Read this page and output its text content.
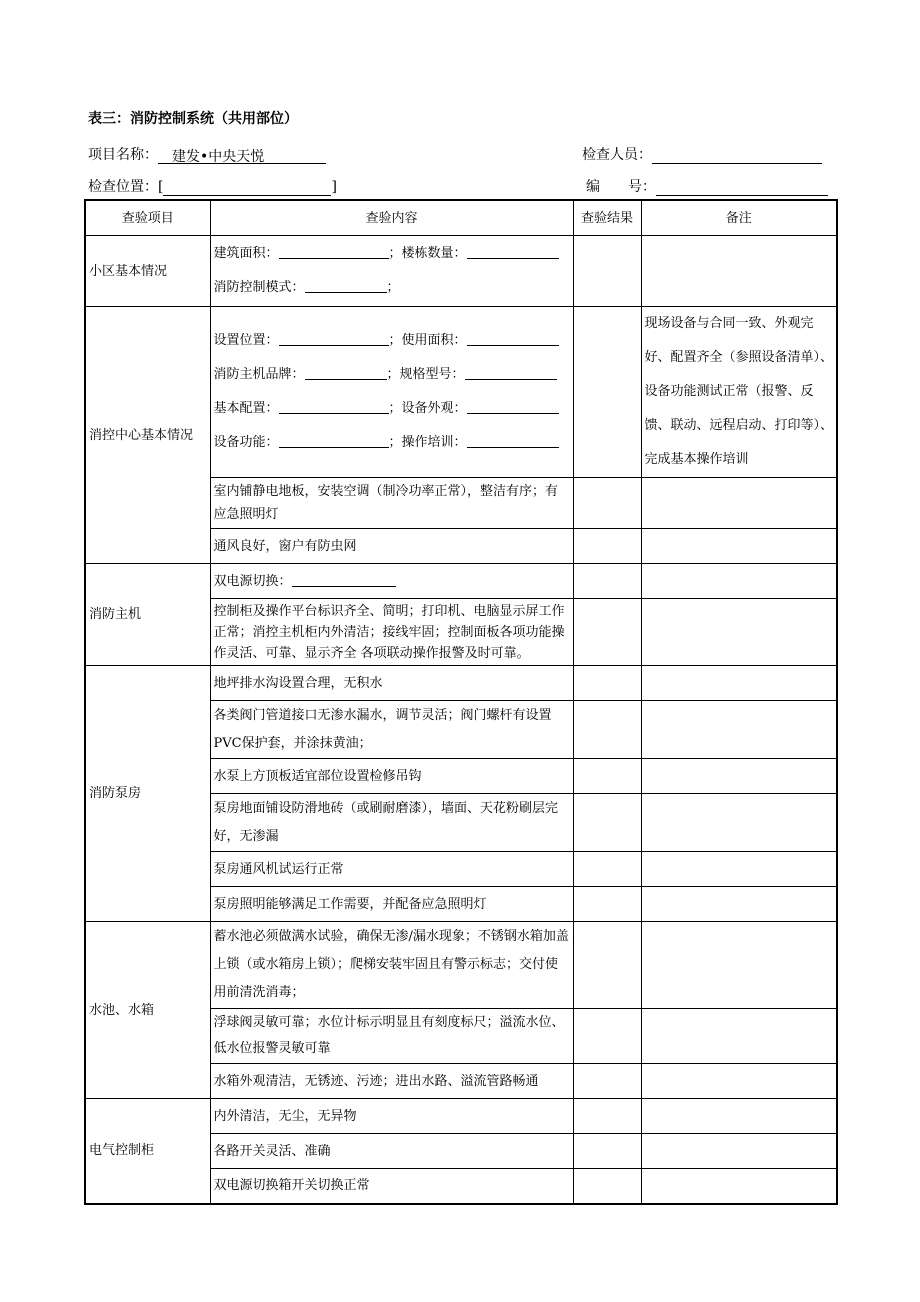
表三：消防控制系统（共用部位）
项目名称： 建发•中央天悦	检查人员：
检查位置：[	]	编　　号：
查验项目	查验内容	查验结果	备注
小区基本情况	建筑面积： ；楼栋数量：
消防控制模式： ；		

消控中心基本情况	设置位置： ；使用面积：
消防主机品牌： ；规格型号：
基本配置： ；设备外观：
设备功能： ；操作培训：		现场设备与合同一致、外观完好、配置齐全（参照设备清单）、设备功能测试正常（报警、反馈、联动、远程启动、打印等）、完成基本操作培训
	室内铺静电地板，安装空调（制冷功率正常），整洁有序；有应急照明灯		
	通风良好，窗户有防虫网		
消防主机	双电源切换：		
	控制柜及操作平台标识齐全、简明；打印机、电脑显示屏工作正常；消控主机柜内外清洁；接线牢固；控制面板各项功能操作灵活、可靠、显示齐全 各项联动操作报警及时可靠。		
消防泵房	地坪排水沟设置合理，无积水		
	各类阀门管道接口无渗水漏水，调节灵活；阀门螺杆有设置PVC保护套，并涂抹黄油；		
	水泵上方顶板适宜部位设置检修吊钩		
	泵房地面铺设防滑地砖（或刷耐磨漆），墙面、天花粉刷层完好，无渗漏		
	泵房通风机试运行正常		
	泵房照明能够满足工作需要，并配备应急照明灯		
水池、水箱	蓄水池必须做满水试验，确保无渗/漏水现象；不锈钢水箱加盖上锁（或水箱房上锁）；爬梯安装牢固且有警示标志；交付使用前清洗消毒；		
	浮球阀灵敏可靠；水位计标示明显且有刻度标尺；溢流水位、低水位报警灵敏可靠		
	水箱外观清洁，无锈迹、污迹；进出水路、溢流管路畅通		
电气控制柜	内外清洁，无尘，无异物		
	各路开关灵活、准确		
	双电源切换箱开关切换正常		
